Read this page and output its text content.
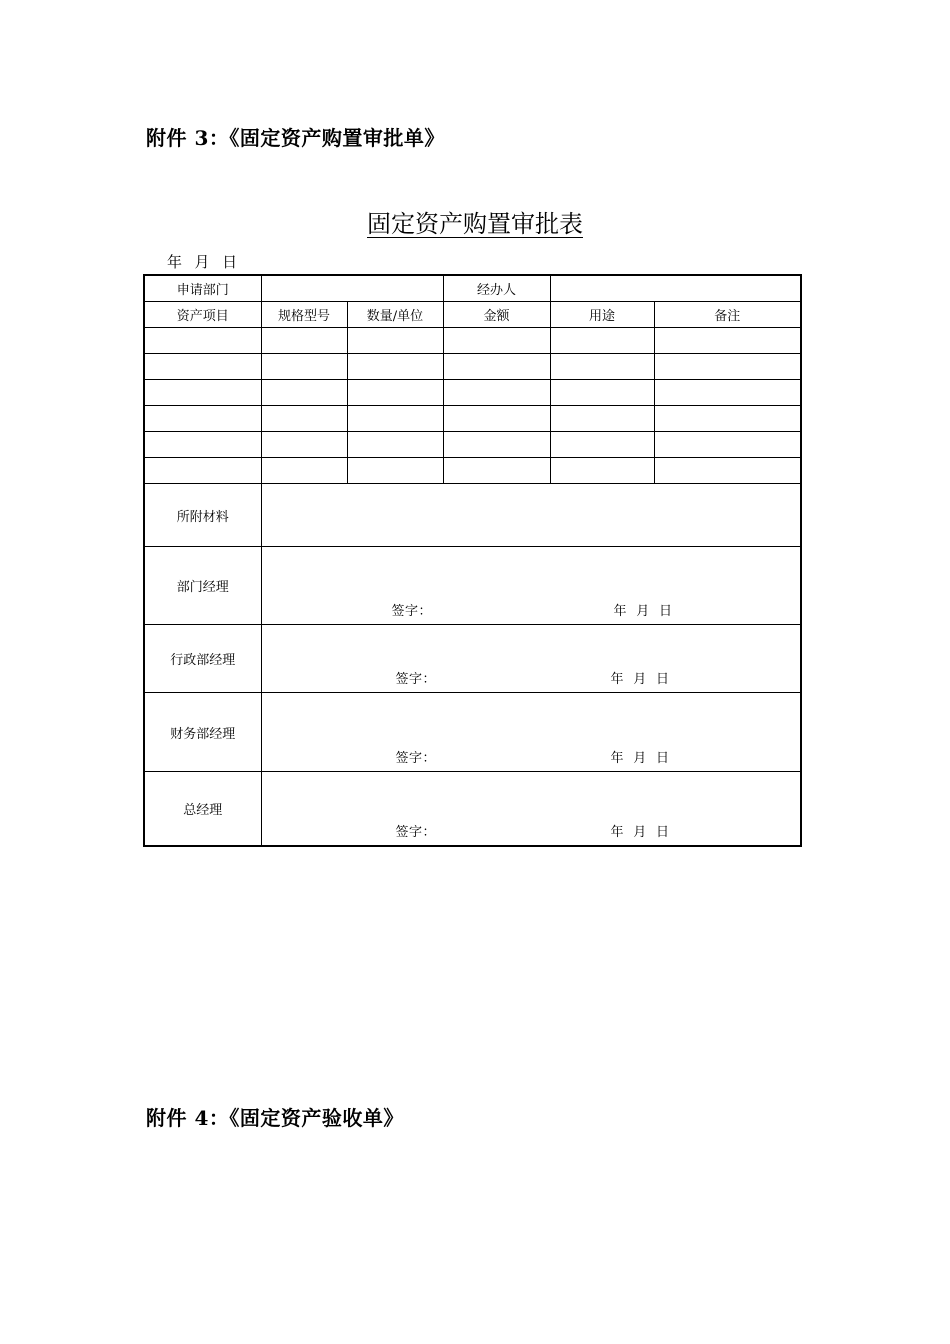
附件 3：《固定资产购置审批单》
固定资产购置审批表
年  月  日
申请部门			经办人		
资产项目	规格型号	数量/单位	金额	用途	备注

所附材料					
部门经理	签字： 年  月  日				

行政部经理	签字： 年  月  日				

财务部经理	签字： 年  月  日				

总经理	签字： 年  月  日				
附件 4：《固定资产验收单》
